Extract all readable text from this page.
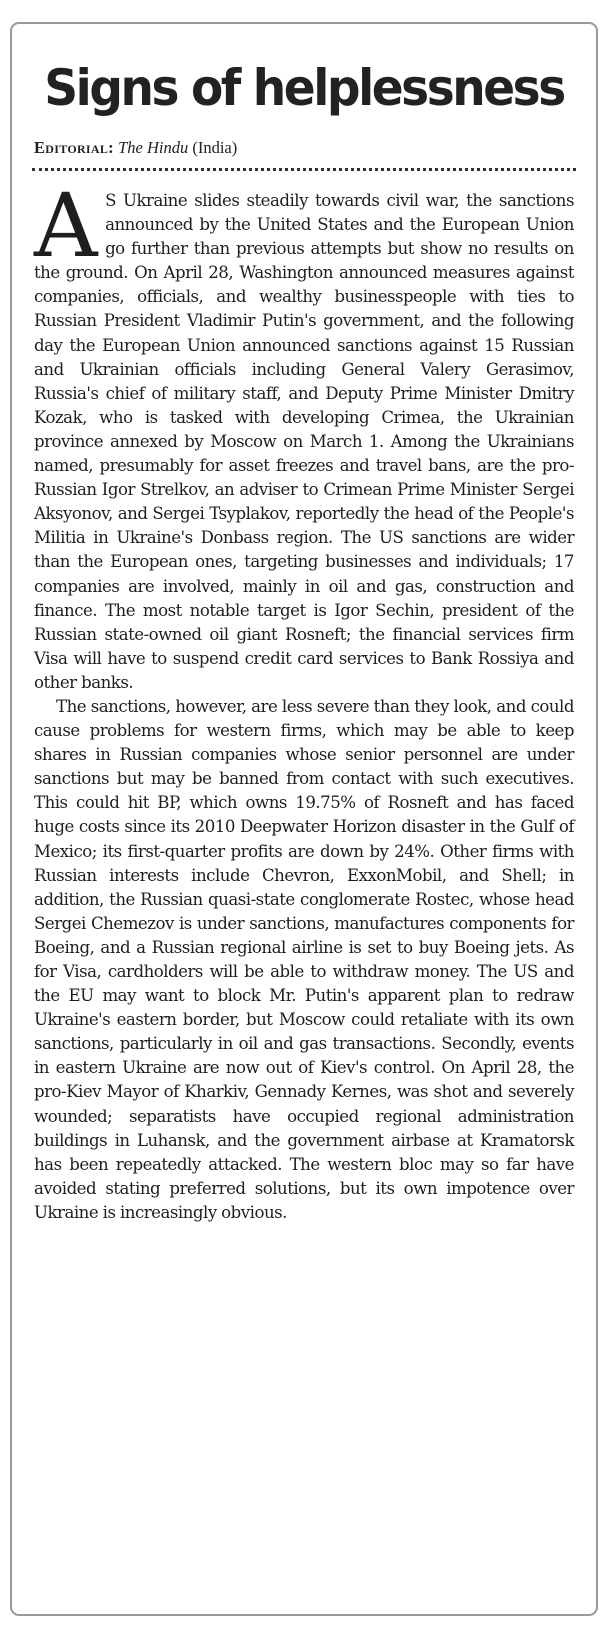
Signs of helplessness
Editorial: The Hindu (India)

A S Ukraine slides steadily towards civil war, the sanctions announced by the United States and the European Union go further than previous attempts but show no results on the ground. On April 28, Washington announced measures against companies, officials, and wealthy businesspeople with ties to Russian President Vladimir Putin's government, and the following day the European Union announced sanctions against 15 Russian and Ukrainian officials including General Valery Gerasimov, Russia's chief of military staff, and Deputy Prime Minister Dmitry Kozak, who is tasked with developing Crimea, the Ukrainian province annexed by Moscow on March 1. Among the Ukrainians named, presumably for asset freezes and travel bans, are the pro-Russian Igor Strelkov, an adviser to Crimean Prime Minister Sergei Aksyonov, and Sergei Tsyplakov, reportedly the head of the People's Militia in Ukraine's Donbass region. The US sanctions are wider than the European ones, targeting businesses and individuals; 17 companies are involved, mainly in oil and gas, construction and finance. The most notable target is Igor Sechin, president of the Russian state-owned oil giant Rosneft; the financial services firm Visa will have to suspend credit card services to Bank Rossiya and other banks.

The sanctions, however, are less severe than they look, and could cause problems for western firms, which may be able to keep shares in Russian companies whose senior personnel are under sanctions but may be banned from contact with such executives. This could hit BP, which owns 19.75% of Rosneft and has faced huge costs since its 2010 Deepwater Horizon disaster in the Gulf of Mexico; its first-quarter profits are down by 24%. Other firms with Russian interests include Chevron, ExxonMobil, and Shell; in addition, the Russian quasi-state conglomerate Rostec, whose head Sergei Chemezov is under sanctions, manufactures components for Boeing, and a Russian regional airline is set to buy Boeing jets. As for Visa, cardholders will be able to withdraw money. The US and the EU may want to block Mr. Putin's apparent plan to redraw Ukraine's eastern border, but Moscow could retaliate with its own sanctions, particularly in oil and gas transactions. Secondly, events in eastern Ukraine are now out of Kiev's control. On April 28, the pro-Kiev Mayor of Kharkiv, Gennady Kernes, was shot and severely wounded; separatists have occupied regional administration buildings in Luhansk, and the government airbase at Kramatorsk has been repeatedly attacked. The western bloc may so far have avoided stating preferred solutions, but its own impotence over Ukraine is increasingly obvious.
